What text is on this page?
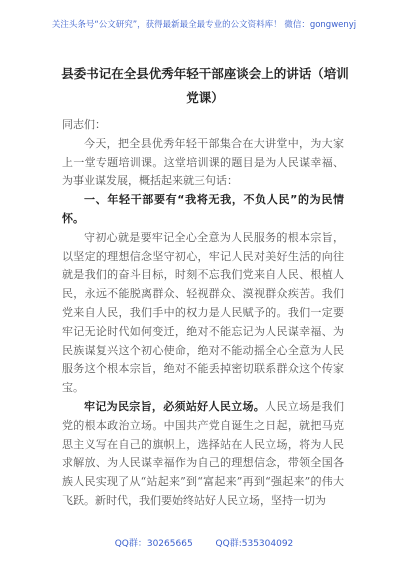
关注头条号“公文研究”，获得最新最全最专业的公文资料库！ 微信：gongwenyj
县委书记在全县优秀年轻干部座谈会上的讲话（培训党课）

同志们：

今天，把全县优秀年轻干部集合在大讲堂中，为大家上一堂专题培训课。这堂培训课的题目是为人民谋幸福、为事业谋发展，概括起来就三句话：

一、年轻干部要有“我将无我，不负人民”的为民情怀。

守初心就是要牢记全心全意为人民服务的根本宗旨，以坚定的理想信念坚守初心，牢记人民对美好生活的向往就是我们的奋斗目标，时刻不忘我们党来自人民、根植人民，永远不能脱离群众、轻视群众、漠视群众疾苦。我们党来自人民，我们手中的权力是人民赋予的。我们一定要牢记无论时代如何变迁，绝对不能忘记为人民谋幸福、为民族谋复兴这个初心使命，绝对不能动摇全心全意为人民服务这个根本宗旨，绝对不能丢掉密切联系群众这个传家宝。

牢记为民宗旨，必须站好人民立场。人民立场是我们党的根本政治立场。中国共产党自诞生之日起，就把马克思主义写在自己的旗帜上，选择站在人民立场，将为人民求解放、为人民谋幸福作为自己的理想信念，带领全国各族人民实现了从“站起来”到“富起来”再到“强起来”的伟大飞跃。新时代，我们要始终站好人民立场，坚持一切为

QQ群：30265665	QQ群:535304092
